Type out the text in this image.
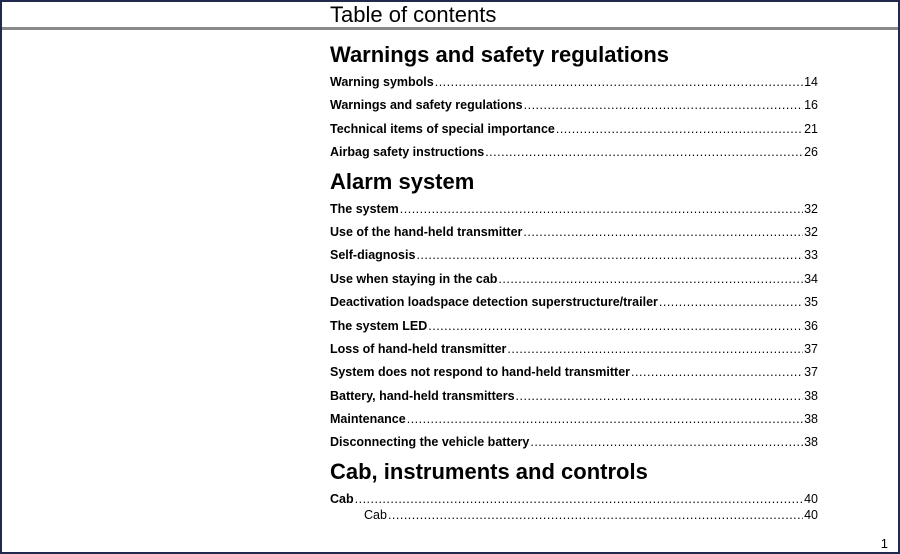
Table of contents
Warnings and safety regulations
Warning symbols .....	14
Warnings and safety regulations .....	16
Technical items of special importance .....	21
Airbag safety instructions .....	26
Alarm system
The system .....	32
Use of the hand-held transmitter .....	32
Self-diagnosis .....	33
Use when staying in the cab .....	34
Deactivation loadspace detection superstructure/trailer .....	35
The system LED .....	36
Loss of hand-held transmitter .....	37
System does not respond to hand-held transmitter .....	37
Battery, hand-held transmitters .....	38
Maintenance .....	38
Disconnecting the vehicle battery .....	38
Cab, instruments and controls
Cab .....	40
Cab .....	40
1
